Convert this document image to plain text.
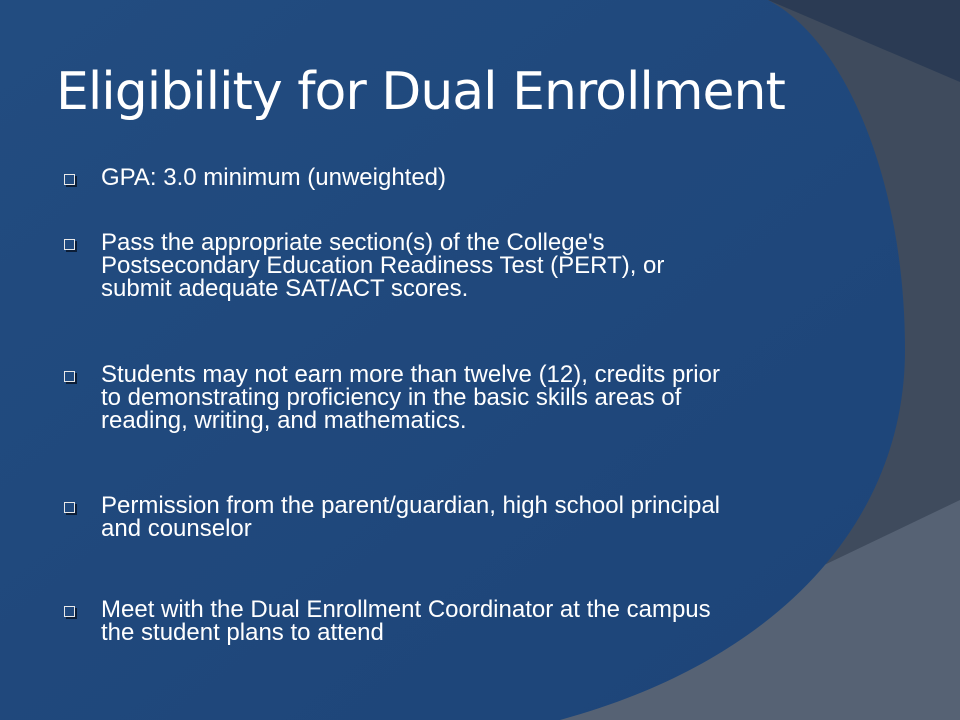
Eligibility for Dual Enrollment
GPA: 3.0 minimum (unweighted)
Pass the appropriate section(s) of the College's
Postsecondary Education Readiness Test (PERT), or
submit adequate SAT/ACT scores.
Students may not earn more than twelve (12), credits prior
to demonstrating proficiency in the basic skills areas of
reading, writing, and mathematics.
Permission from the parent/guardian, high school principal
and counselor
Meet with the Dual Enrollment Coordinator at the campus
the student plans to attend
